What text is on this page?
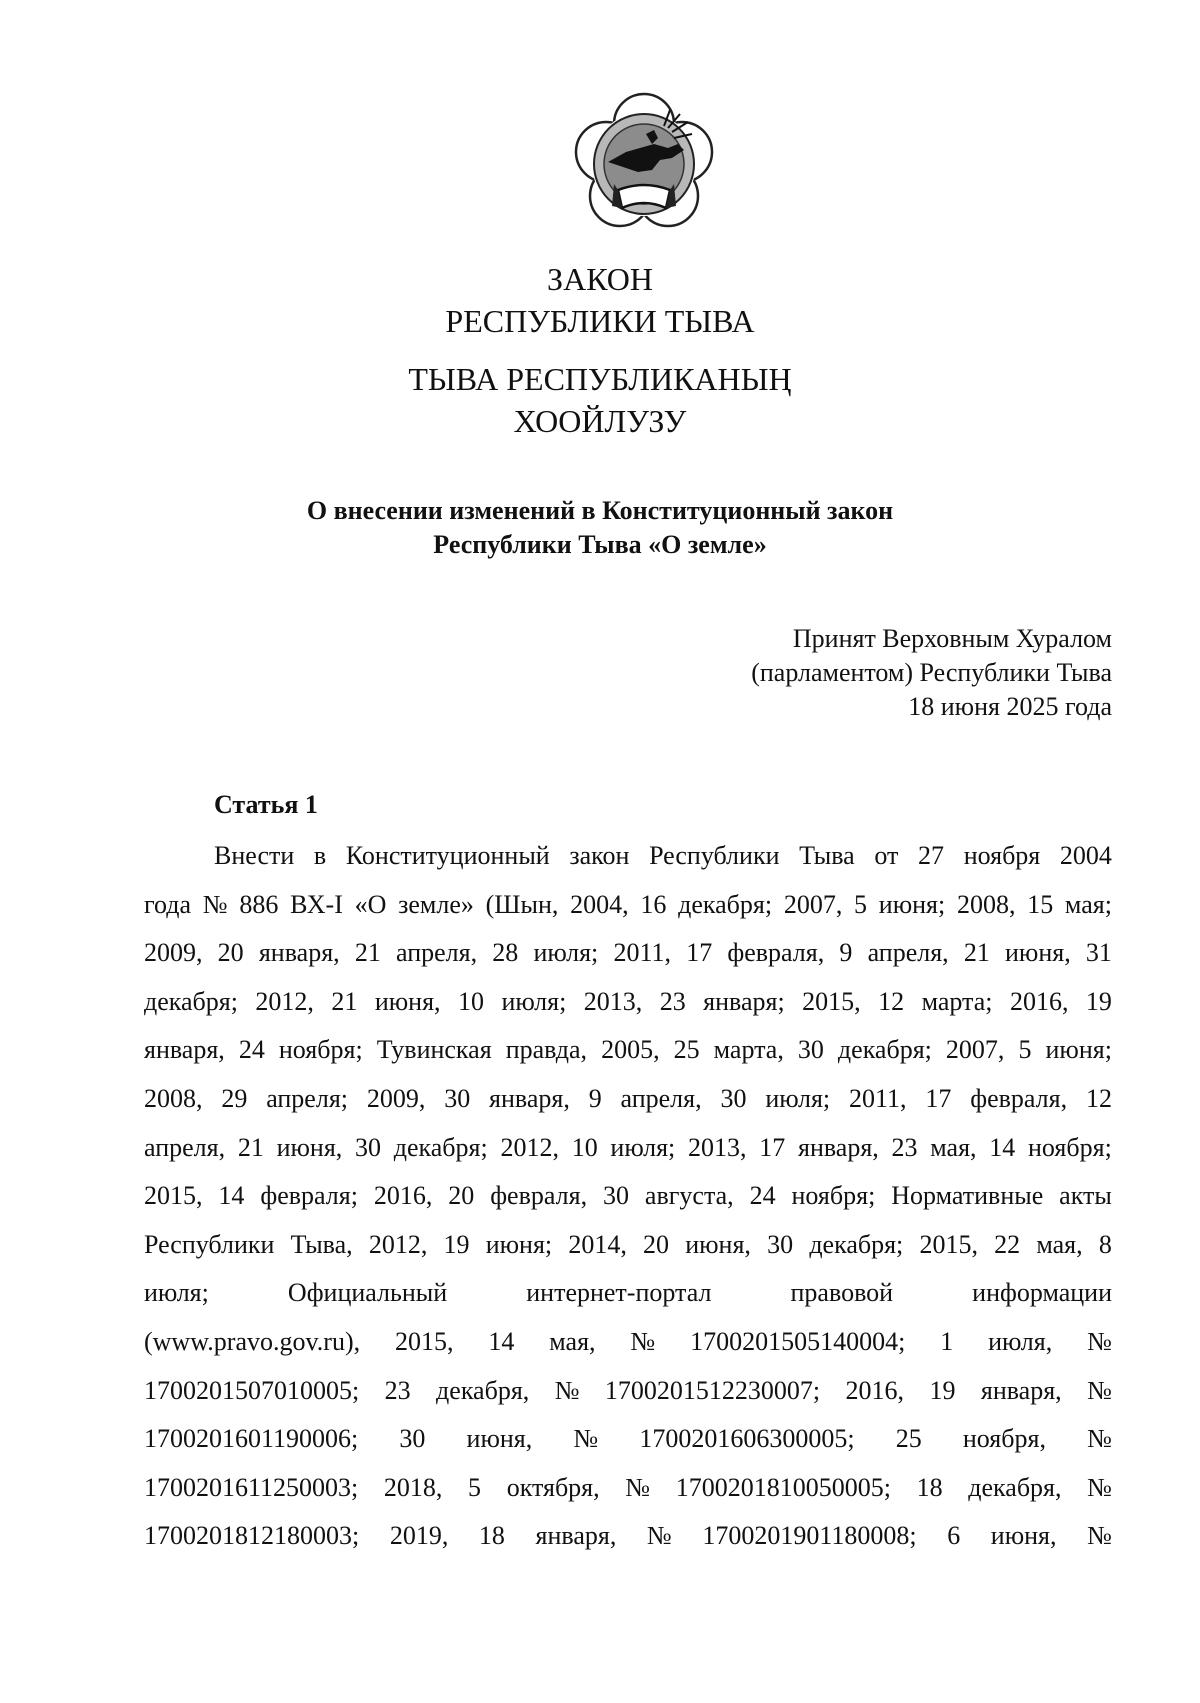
ЗАКОН
РЕСПУБЛИКИ ТЫВА
ТЫВА РЕСПУБЛИКАНЫҢ
ХООЙЛУЗУ
О внесении изменений в Конституционный закон
Республики Тыва «О земле»
Принят Верховным Хуралом
(парламентом) Республики Тыва
18 июня 2025 года
Статья 1
Внести в Конституционный закон Республики Тыва от 27 ноября 2004
года № 886 ВХ-I «О земле» (Шын, 2004, 16 декабря; 2007, 5 июня; 2008, 15 мая;
2009, 20 января, 21 апреля, 28 июля; 2011, 17 февраля, 9 апреля, 21 июня, 31
декабря; 2012, 21 июня, 10 июля; 2013, 23 января; 2015, 12 марта; 2016, 19
января, 24 ноября; Тувинская правда, 2005, 25 марта, 30 декабря; 2007, 5 июня;
2008, 29 апреля; 2009, 30 января, 9 апреля, 30 июля; 2011, 17 февраля, 12
апреля, 21 июня, 30 декабря; 2012, 10 июля; 2013, 17 января, 23 мая, 14 ноября;
2015, 14 февраля; 2016, 20 февраля, 30 августа, 24 ноября; Нормативные акты
Республики Тыва, 2012, 19 июня; 2014, 20 июня, 30 декабря; 2015, 22 мая, 8
июля;	Официальный	интернет-портал	правовой	информации
(www.pravo.gov.ru), 2015, 14 мая, № 1700201505140004; 1 июля, №
1700201507010005; 23 декабря, № 1700201512230007; 2016, 19 января, №
1700201601190006; 30 июня, № 1700201606300005; 25 ноября, №
1700201611250003; 2018, 5 октября, № 1700201810050005; 18 декабря, №
1700201812180003; 2019, 18 января, № 1700201901180008; 6 июня, №
